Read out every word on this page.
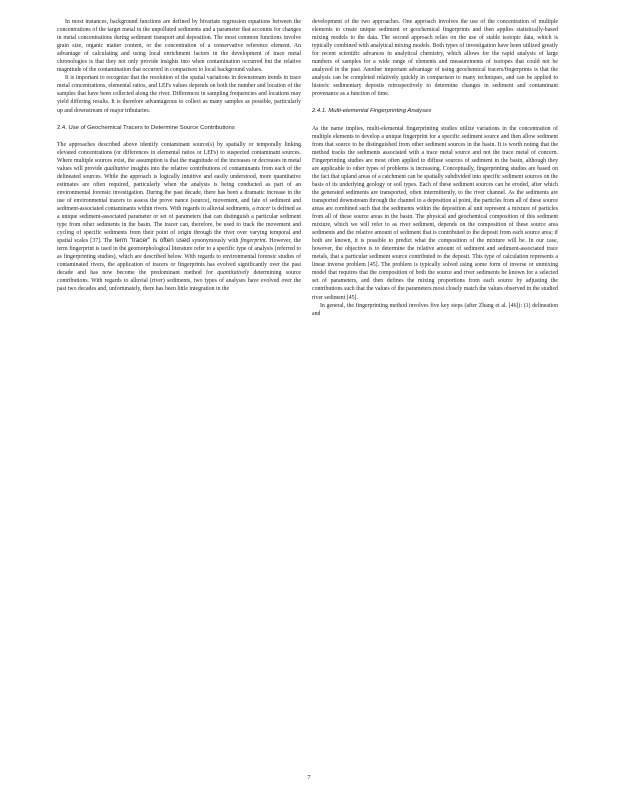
In most instances, background functions are defined by bivariate regression equations between the concentrations of the target metal in the unpolluted sediments and a parameter that accounts for changes in metal concentrations during sediment transport and deposition. The most common functions involve grain size, organic matter content, or the concentration of a conservative reference element. An advantage of calculating and using local enrichment factors in the development of trace metal chronologies is that they not only provide insights into when contamination occurred but the relative magnitude of the contamination that occurred in comparison to local background values.

It is important to recognize that the resolution of the spatial variations in downstream trends in trace metal concentrations, elemental ratios, and LEFs values depends on both the number and location of the samples that have been collected along the river. Differences in sampling frequencies and locations may yield differing results. It is therefore advantageous to collect as many samples as possible, particularly up and downstream of major tributaries.

2.4. Use of Geochemical Tracers to Determine Source Contributions

The approaches described above identify contaminant source(s) by spatially or temporally linking elevated concentrations (or differences in elemental ratios or LEFs) to suspected contaminant sources. Where multiple sources exist, the assumption is that the magnitude of the increases or decreases in metal values will provide qualitative insights into the relative contributions of contaminants from each of the delineated sources. While the approach is logically intuitive and easily understood, more quantitative estimates are often required, particularly when the analysis is being conducted as part of an environmental forensic investigation. During the past decade, there has been a dramatic increase in the use of environmental tracers to assess the prove nance (source), movement, and fate of sediment and sediment-associated contaminants within rivers. With regards to alluvial sediments, a tracer is defined as a unique sediment-associated parameter or set of parameters that can distinguish a particular sediment type from other sediments in the basin. The tracer can, therefore, be used to track the movement and cycling of specific sediments from their point of origin through the river over varying temporal and spatial scales [37]. The term "tracer" is often used synonymously with fingerprint. However, the term fingerprint is used in the geomorphological literature refer to a specific type of analysis (referred to as fingerprinting studies), which are described below. With regards to environmental forensic studies of contaminated rivers, the application of tracers or fingerprints has evolved significantly over the past decade and has now become the predominant method for quantitatively determining source contributions. With regards to alluvial (river) sediments, two types of analyses have evolved over the past two decades and, unfortunately, there has been little integration in the

development of the two approaches. One approach involves the use of the concentration of multiple elements to create unique sediment or geochemical fingerprints and then applies statistically-based mixing models to the data. The second approach relies on the use of stable isotopic data, which is typically combined with analytical mixing models. Both types of investigation have been utilized greatly for recent scientific advances in analytical chemistry, which allows for the rapid analysis of large numbers of samples for a wide range of elements and measurements of isotopes that could not be analyzed in the past. Another important advantage of using geochemical tracers/fingerprints is that the analysis can be completed relatively quickly in comparison to many techniques, and can be applied to historic sedimentary deposits retrospectively to determine changes in sediment and contaminant provenance as a function of time.

2.4.1. Multi-elemental Fingerprinting Analyses

As the name implies, multi-elemental fingerprinting studies utilize variations in the concentration of multiple elements to develop a unique fingerprint for a specific sediment source and then allow sediment from that source to be distinguished from other sediment sources in the basin. It is worth noting that the method tracks the sediments associated with a trace metal source and not the trace metal of concern. Fingerprinting studies are most often applied to diffuse sources of sediment in the basin, although they are applicable to other types of problems is increasing. Conceptually, fingerprinting studies are based on the fact that upland areas of a catchment can be spatially subdivided into specific sediment sources on the basis of its underlying geology or soil types. Each of these sediment sources can be eroded, after which the generated sediments are transported, often intermittently, to the river channel. As the sediments are transported downstream through the channel to a deposition al point, the particles from all of these source areas are combined such that the sediments within the deposition al unit represent a mixture of particles from all of these source areas in the basin. The physical and geochemical composition of this sediment mixture, which we will refer to as river sediment, depends on the composition of these source area sediments and the relative amount of sediment that is contributed to the deposit from each source area; if both are known, it is possible to predict what the composition of the mixture will be. In our case, however, the objective is to determine the relative amount of sediment and sediment-associated trace metals, that a particular sediment source contributed to the deposit. This type of calculation represents a linear inverse problem [45]. The problem is typically solved using some form of inverse or unmixing model that requires that the composition of both the source and river sediments be known for a selected set of parameters, and then defines the mixing proportions from each source by adjusting the contributions such that the values of the parameters most closely match the values observed in the studied river sediment [45].

In general, the fingerprinting method involves five key steps (after Zhang et al. [46]): (1) delineation and

7
